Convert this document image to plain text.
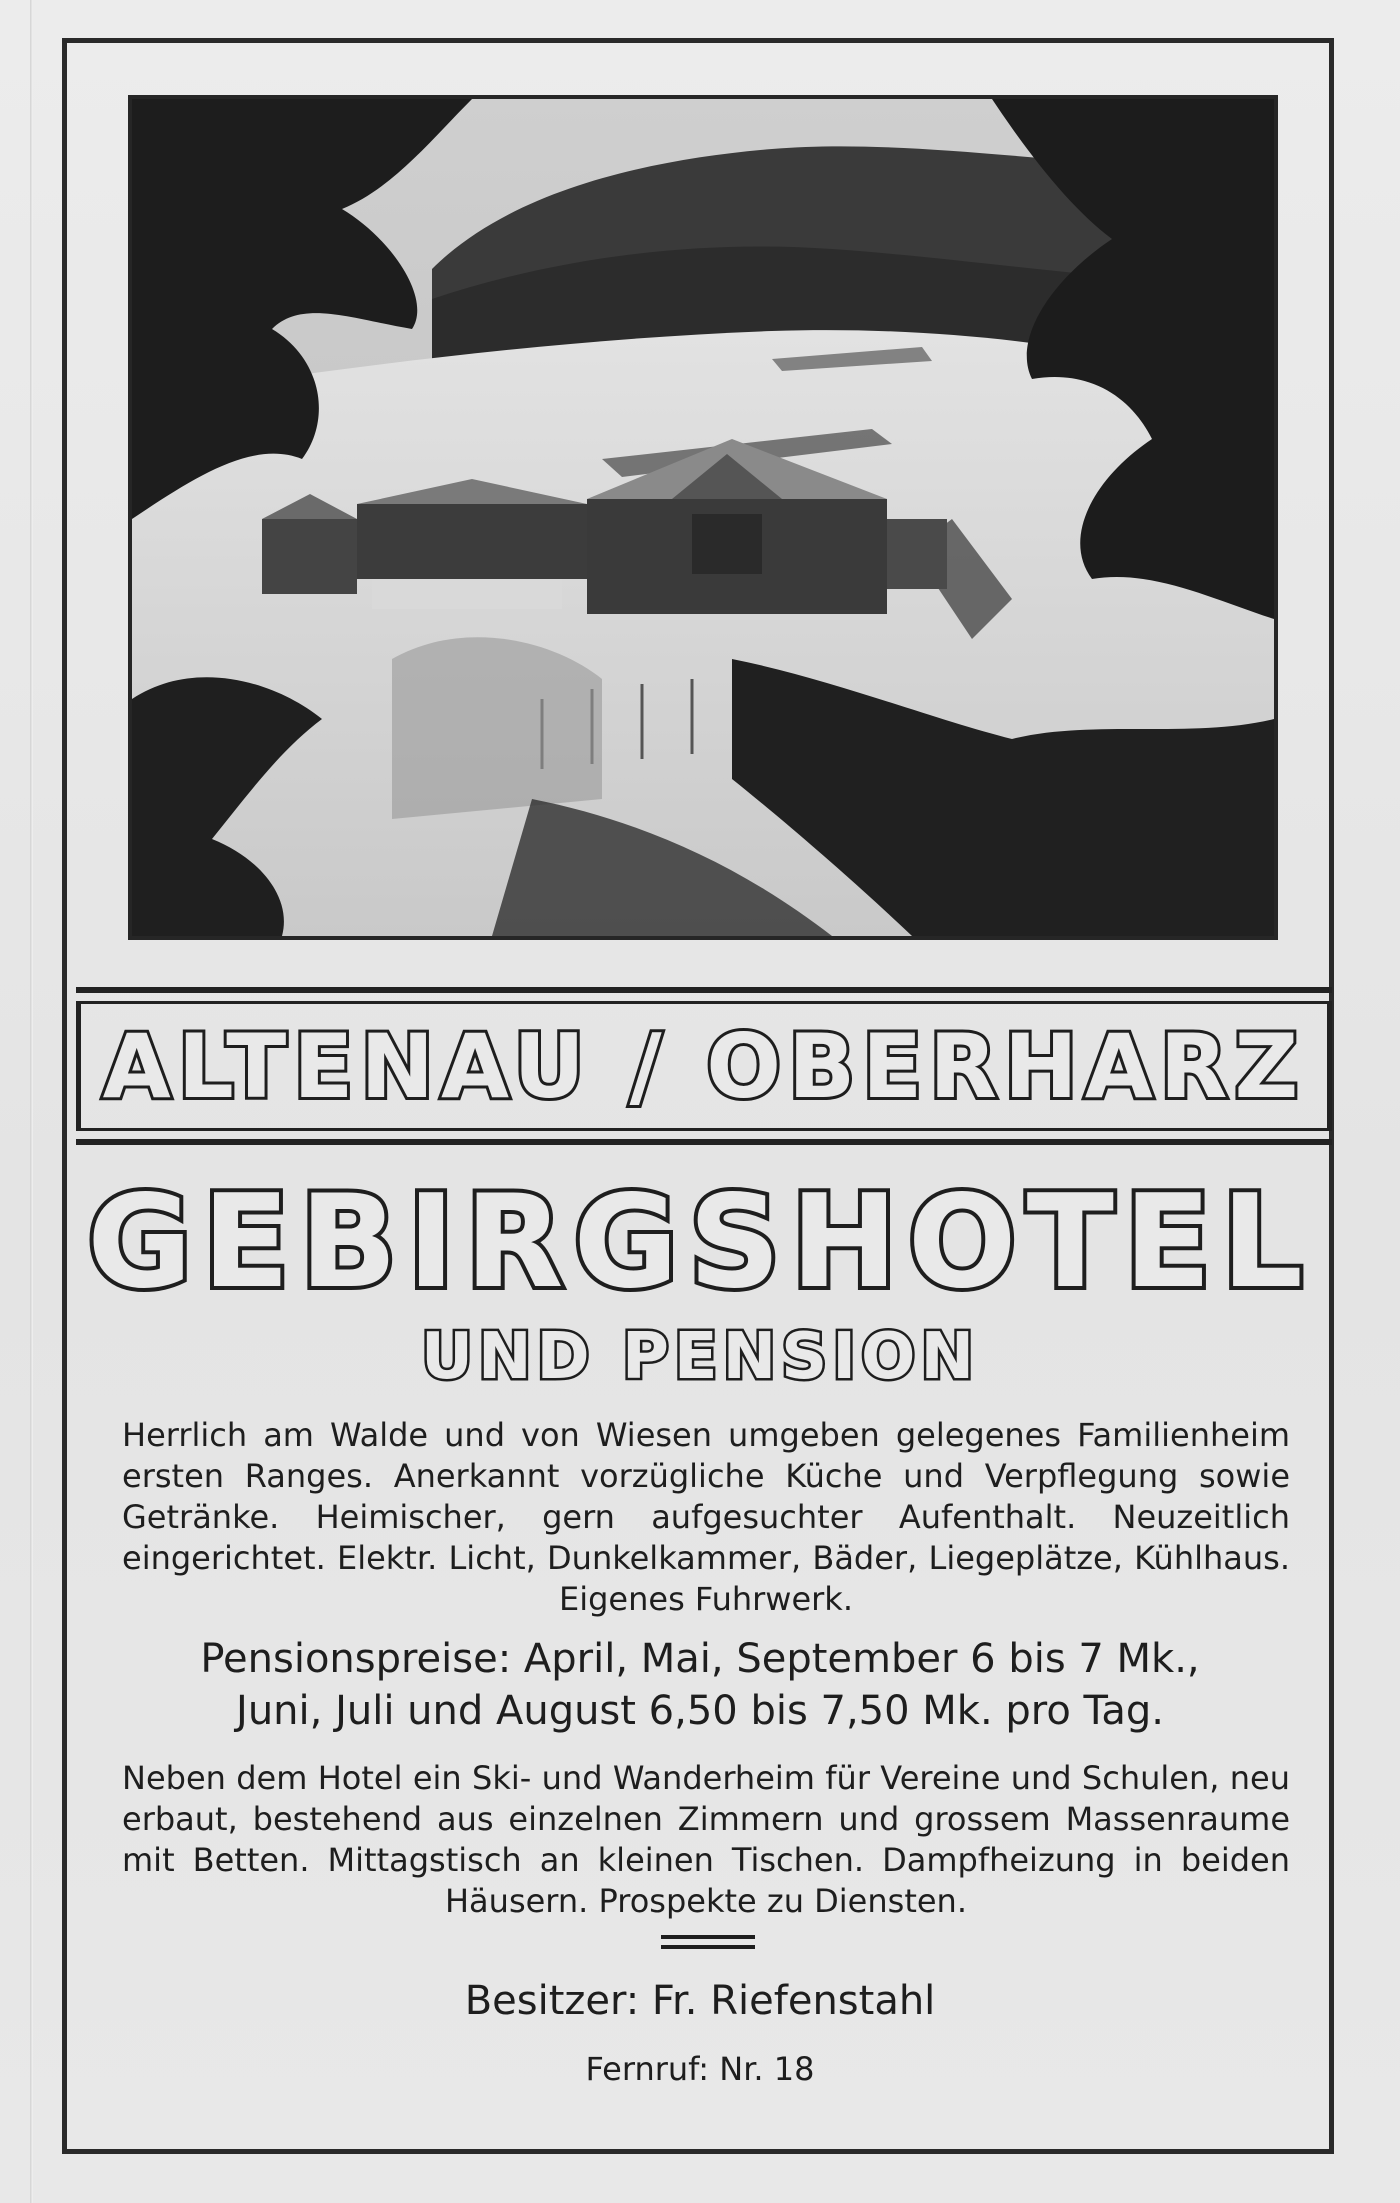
ALTENAU / OBERHARZ
GEBIRGSHOTEL
UND PENSION

Herrlich am Walde und von Wiesen umgeben gelegenes Familienheim ersten Ranges. Anerkannt vorzügliche Küche und Verpflegung sowie Getränke. Heimischer, gern aufgesuchter Aufenthalt. Neuzeitlich eingerichtet. Elektr. Licht, Dunkelkammer, Bäder, Liegeplätze, Kühlhaus. Eigenes Fuhrwerk.

Pensionspreise: April, Mai, September 6 bis 7 Mk.,

Juni, Juli und August 6,50 bis 7,50 Mk. pro Tag.

Neben dem Hotel ein Ski- und Wanderheim für Vereine und Schulen, neu erbaut, bestehend aus einzelnen Zimmern und grossem Massenraume mit Betten. Mittagstisch an kleinen Tischen. Dampfheizung in beiden Häusern. Prospekte zu Diensten.

Besitzer: Fr. Riefenstahl
Fernruf: Nr. 18
